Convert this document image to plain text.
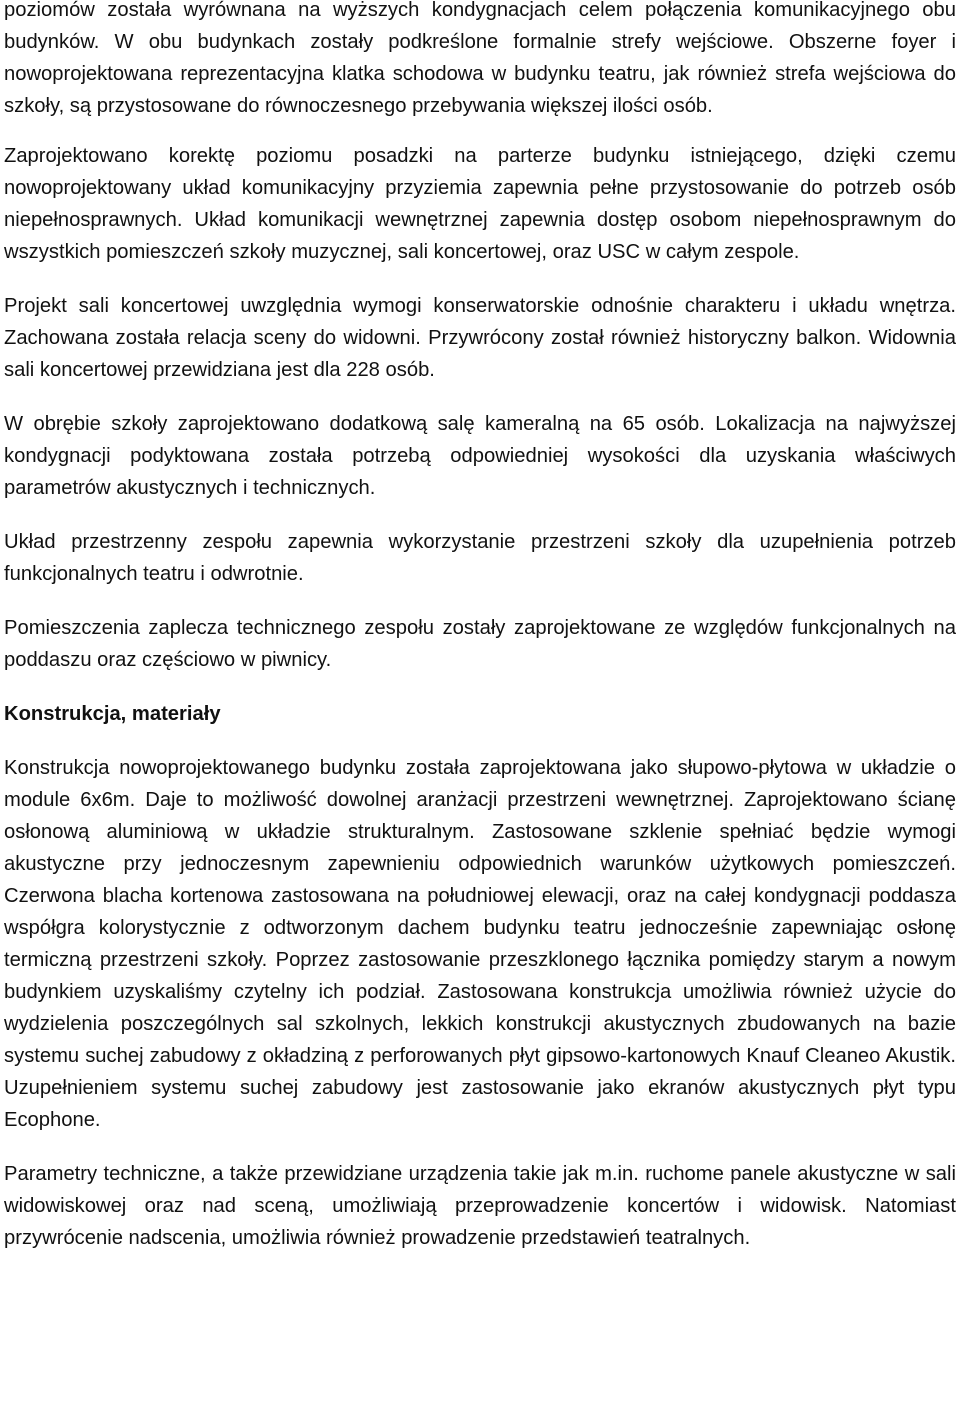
poziomów została wyrównana na wyższych kondygnacjach celem połączenia komunikacyjnego obu budynków. W obu budynkach zostały podkreślone formalnie strefy wejściowe. Obszerne foyer i nowoprojektowana reprezentacyjna klatka schodowa w budynku teatru, jak również strefa wejściowa do szkoły, są przystosowane do równoczesnego przebywania większej ilości osób.

Zaprojektowano korektę poziomu posadzki na parterze budynku istniejącego, dzięki czemu nowoprojektowany układ komunikacyjny przyziemia zapewnia pełne przystosowanie do potrzeb osób niepełnosprawnych. Układ komunikacji wewnętrznej zapewnia dostęp osobom niepełnosprawnym do wszystkich pomieszczeń szkoły muzycznej, sali koncertowej, oraz USC w całym zespole.

Projekt sali koncertowej uwzględnia wymogi konserwatorskie odnośnie charakteru i układu wnętrza. Zachowana została relacja sceny do widowni. Przywrócony został również historyczny balkon. Widownia sali koncertowej przewidziana jest dla 228 osób.

W obrębie szkoły zaprojektowano dodatkową salę kameralną na 65 osób. Lokalizacja na najwyższej kondygnacji podyktowana została potrzebą odpowiedniej wysokości dla uzyskania właściwych parametrów akustycznych i technicznych.

Układ przestrzenny zespołu zapewnia wykorzystanie przestrzeni szkoły dla uzupełnienia potrzeb funkcjonalnych teatru i odwrotnie.

Pomieszczenia zaplecza technicznego zespołu zostały zaprojektowane ze względów funkcjonalnych na poddaszu oraz częściowo w piwnicy.

Konstrukcja, materiały

Konstrukcja nowoprojektowanego budynku została zaprojektowana jako słupowo-płytowa w układzie o module 6x6m. Daje to możliwość dowolnej aranżacji przestrzeni wewnętrznej. Zaprojektowano ścianę osłonową aluminiową w układzie strukturalnym. Zastosowane szklenie spełniać będzie wymogi akustyczne przy jednoczesnym zapewnieniu odpowiednich warunków użytkowych pomieszczeń. Czerwona blacha kortenowa zastosowana na południowej elewacji, oraz na całej kondygnacji poddasza współgra kolorystycznie z odtworzonym dachem budynku teatru jednocześnie zapewniając osłonę termiczną przestrzeni szkoły. Poprzez zastosowanie przeszklonego łącznika pomiędzy starym a nowym budynkiem uzyskaliśmy czytelny ich podział. Zastosowana konstrukcja umożliwia również użycie do wydzielenia poszczególnych sal szkolnych, lekkich konstrukcji akustycznych zbudowanych na bazie systemu suchej zabudowy z okładziną z perforowanych płyt gipsowo-kartonowych Knauf Cleaneo Akustik. Uzupełnieniem systemu suchej zabudowy jest zastosowanie jako ekranów akustycznych płyt typu Ecophone.

Parametry techniczne, a także przewidziane urządzenia takie jak m.in. ruchome panele akustyczne w sali widowiskowej oraz nad sceną, umożliwiają przeprowadzenie koncertów i widowisk. Natomiast przywrócenie nadscenia, umożliwia również prowadzenie przedstawień teatralnych.
